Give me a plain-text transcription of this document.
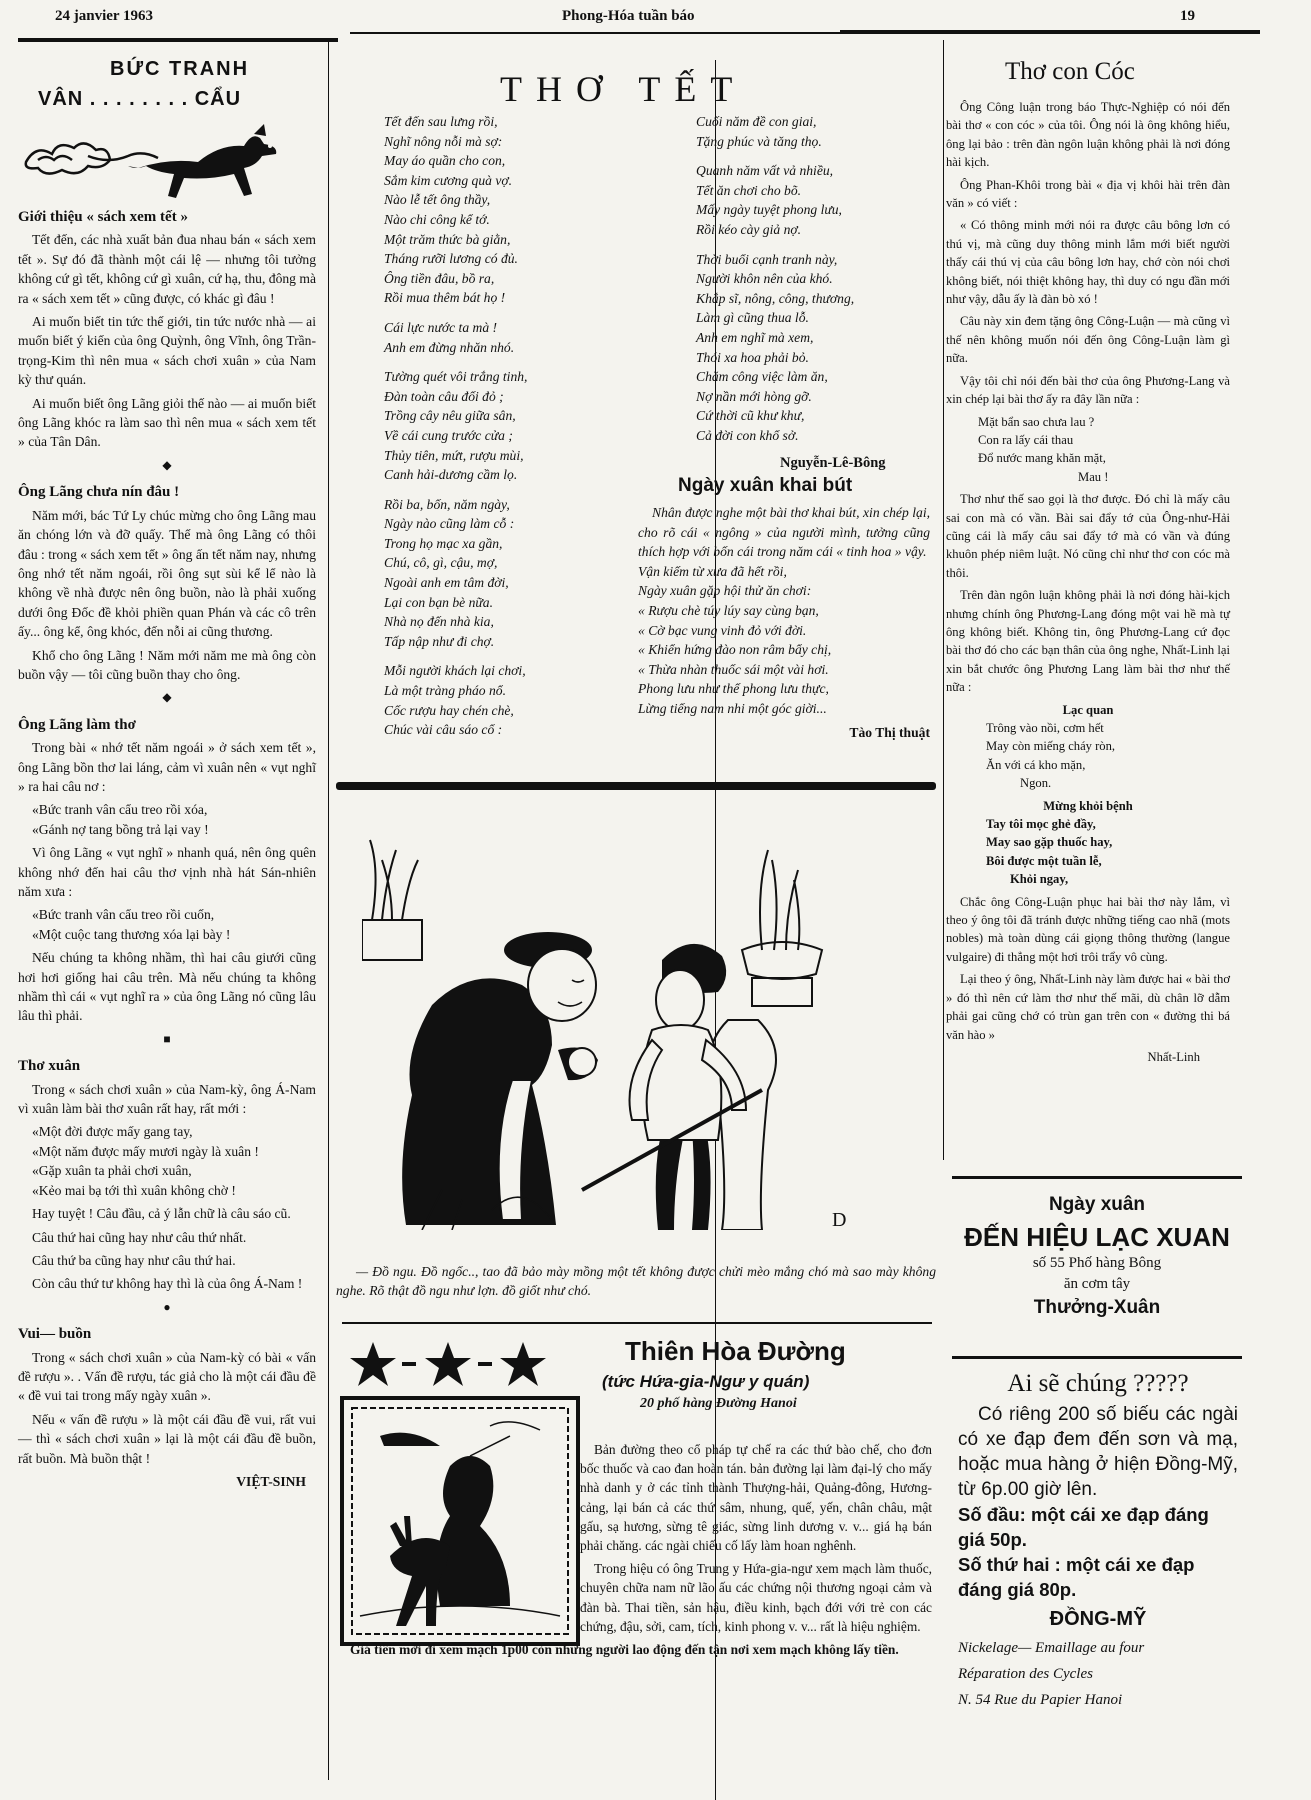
24 janvier 1963	Phong-Hóa tuần báo	19
BỨC TRANH
VÂN . . . . . . . . CẨU
Giới thiệu « sách xem tết »

Tết đến, các nhà xuất bản đua nhau bán « sách xem tết ». Sự đó đã thành một cái lệ — nhưng tôi tưởng không cứ gì tết, không cứ gì xuân, cứ hạ, thu, đông mà ra « sách xem tết » cũng được, có khác gì đâu !

Ai muốn biết tin tức thế giới, tin tức nước nhà — ai muốn biết ý kiến của ông Quỳnh, ông Vĩnh, ông Trần-trọng-Kim thì nên mua « sách chơi xuân » của Nam kỳ thư quán.

Ai muốn biết ông Lãng giỏi thế nào — ai muốn biết ông Lãng khóc ra làm sao thì nên mua « sách xem tết » của Tân Dân.

◆
Ông Lãng chưa nín đâu !

Năm mới, bác Tứ Ly chúc mừng cho ông Lãng mau ăn chóng lớn và đỡ quấy. Thế mà ông Lãng có thôi đâu : trong « sách xem tết » ông ấn tết năm nay, nhưng ông nhớ tết năm ngoái, rồi ông sụt sùi kể lể nào là không về nhà được nên ông buồn, nào là phải xuống dưới ông Đốc đề khỏi phiền quan Phán và các cô trên ấy... ông kể, ông khóc, đến nỗi ai cũng thương.

Khổ cho ông Lãng ! Năm mới năm me mà ông còn buồn vậy — tôi cũng buồn thay cho ông.

◆
Ông Lãng làm thơ

Trong bài « nhớ tết năm ngoái » ở sách xem tết », ông Lãng bồn thơ lai láng, cảm vì xuân nên « vụt nghĩ » ra hai câu nơ :

«Bức tranh vân cẩu treo rồi xóa,

«Gánh nợ tang bồng trả lại vay !

Vì ông Lãng « vụt nghĩ » nhanh quá, nên ông quên không nhớ đến hai câu thơ vịnh nhà hát Sán-nhiên năm xưa :

«Bức tranh vân cẩu treo rồi cuốn,

«Một cuộc tang thương xóa lại bày !

Nếu chúng ta không nhầm, thì hai câu giưới cũng hơi hơi giống hai câu trên. Mà nếu chúng ta không nhầm thì cái « vụt nghĩ ra » của ông Lãng nó cũng lâu lâu thì phải.

■
Thơ xuân

Trong « sách chơi xuân » của Nam-kỳ, ông Á-Nam vì xuân làm bài thơ xuân rất hay, rất mới :

«Một đời được mấy gang tay,

«Một năm được mấy mươi ngày là xuân !

«Gặp xuân ta phải chơi xuân,

«Kẻo mai bạ tới thì xuân không chờ !

Hay tuyệt ! Câu đầu, cả ý lẫn chữ là câu sáo cũ.

Câu thứ hai cũng hay như câu thứ nhất.

Câu thứ ba cũng hay như câu thứ hai.

Còn câu thứ tư không hay thì là của ông Á-Nam !

●
Vui— buồn

Trong « sách chơi xuân » của Nam-kỳ có bài « vấn đề rượu ». . Vấn đề rượu, tác giả cho là một cái đầu đề « đề vui tai trong mấy ngày xuân ».

Nếu « vấn đề rượu » là một cái đầu đề vui, rất vui — thì « sách chơi xuân » lại là một cái đầu đề buồn, rất buồn. Mà buồn thật !

VIỆT-SINH
THƠ TẾT
Tết đến sau lưng rồi,
Nghĩ nông nỗi mà sợ:
May áo quần cho con,
Sắm kim cương quà vợ.
Nào lễ tết ông thầy,
Nào chi công kể tớ.
Một trăm thức bà giằn,
Tháng rưỡi lương có đủ.
Ông tiền đâu, bồ ra,
Rồi mua thêm bát họ !
Cái lực nước ta mà !
Anh em đừng nhăn nhó.
Tường quét vôi trắng tinh,
Đàn toàn câu đối đỏ ;
Trồng cây nêu giữa sân,
Về cái cung trước cửa ;
Thủy tiên, mứt, rượu mùi,
Canh hải-dương cầm lọ.
Rồi ba, bốn, năm ngày,
Ngày nào cũng làm cỗ :
Trong họ mạc xa gần,
Chú, cô, gì, cậu, mợ,
Ngoài anh em tâm đời,
Lại con bạn bè nữa.
Nhà nọ đến nhà kia,
Tấp nập như đi chợ.
Mỗi người khách lại chơi,
Là một tràng pháo nổ.
Cốc rượu hay chén chè,
Chúc vài câu sáo cổ :
Cuối năm đề con giai,
Tặng phúc và tăng thọ.
Quanh năm vất vả nhiều,
Tết ăn chơi cho bõ.
Mấy ngày tuyệt phong lưu,
Rồi kéo cày giả nợ.
Thời buổi cạnh tranh này,
Người khôn nên của khó.
Khắp sĩ, nông, công, thương,
Làm gì cũng thua lỗ.
Anh em nghĩ mà xem,
Thói xa hoa phải bỏ.
Chăm công việc làm ăn,
Nợ nần mới hòng gỡ.
Cứ thời cũ khư khư,
Cả đời con khổ sở.
Nguyễn-Lê-Bông
Ngày xuân khai bút
Nhân được nghe một bài thơ khai bút, xin chép lại, cho rõ cái « ngông » của người mình, tưởng cũng thích hợp với bốn cái trong năm cái « tinh hoa » vậy.
Vận kiếm từ xưa đã hết rồi,
Ngày xuân gặp hội thử ăn chơi:
« Rượu chè túy lúy say cùng bạn,
« Cờ bạc vung vinh đỏ với đời.
« Khiển hứng đào non râm bẩy chị,
« Thừa nhàn thuốc sái một vài hơi.
Phong lưu như thế phong lưu thực,
Lừng tiếng nam nhi một góc giời...
Tào Thị thuật
D
— Đồ ngu. Đồ ngốc.., tao đã bảo mày mồng một tết không được chửi mèo mắng chó mà sao mày không nghe. Rõ thật đồ ngu như lợn. đồ giốt như chó.
Thiên Hòa Đường
(tức Hứa-gia-Ngư y quán)
20 phố hàng Đường Hanoi

Bản đường theo cổ pháp tự chế ra các thứ bào chế, cho đơn bốc thuốc và cao đan hoàn tán. bản đường lại làm đại-lý cho mấy nhà danh y ở các tỉnh thành Thượng-hải, Quảng-đông, Hương-cảng, lại bán cả các thứ sâm, nhung, quế, yến, chân châu, mật gấu, sạ hương, sừng tê giác, sừng linh dương v. v... giá hạ bán phải chăng. các ngài chiếu cố lấy làm hoan nghênh.

Trong hiệu có ông Trung y Hứa-gia-ngư xem mạch làm thuốc, chuyên chữa nam nữ lão ấu các chứng nội thương ngoại cảm và đàn bà. Thai tiền, sản hậu, điều kinh, bạch đới với trẻ con các chứng, đậu, sởi, cam, tích, kinh phong v. v... rất là hiệu nghiệm.

Giá tiền mời đi xem mạch 1p00 còn những người lao động đến tận nơi xem mạch không lấy tiền.

Thơ con Cóc

Ông Công luận trong báo Thực-Nghiệp có nói đến bài thơ « con cóc » của tôi. Ông nói là ông không hiểu, ông lại bảo : trên đàn ngôn luận không phải là nơi đóng hài kịch.

Ông Phan-Khôi trong bài « địa vị khôi hài trên đàn văn » có viết :

« Có thông minh mới nói ra được câu bông lơn có thú vị, mà cũng duy thông minh lắm mới biết người thấy cái thú vị của câu bông lơn hay, chớ còn nói chơi không biết, nói thiệt không hay, thì duy có ngu đần mới như vậy, dẫu ấy là đàn bò xó !

Câu này xin đem tặng ông Công-Luận — mà cũng vì thế nên không muốn nói đến ông Công-Luận làm gì nữa.

Vậy tôi chỉ nói đến bài thơ của ông Phương-Lang và xin chép lại bài thơ ấy ra đây lần nữa :

Mặt bẩn sao chưa lau ?
Con ra lấy cái thau
Đổ nước mang khăn mặt,
Mau !

Thơ như thế sao gọi là thơ được. Đó chỉ là mấy câu sai con mà có vần. Bài sai đẩy tớ của Ông-như-Hải cũng cái là mấy câu sai đẩy tớ mà có vần và đúng khuôn phép niêm luật. Nó cũng chỉ như thơ con cóc mà thôi.

Trên đàn ngôn luận không phải là nơi đóng hài-kịch nhưng chính ông Phương-Lang đóng một vai hề mà tự ông không biết. Không tin, ông Phương-Lang cứ đọc bài thơ đó cho các bạn thân của ông nghe, Nhất-Linh lại xin bắt chước ông Phương Lang làm bài thơ như thế nữa :

Lạc quan
Trông vào nồi, cơm hết
May còn miếng cháy ròn,
Ăn với cá kho mặn,
Ngon.
Mừng khỏi bệnh
Tay tôi mọc ghẻ đầy,
May sao gặp thuốc hay,
Bôi được một tuần lễ,
Khỏi ngay,

Chắc ông Công-Luận phục hai bài thơ này lắm, vì theo ý ông tôi đã tránh được những tiếng cao nhã (mots nobles) mà toàn dùng cái giọng thông thường (langue vulgaire) đi thẳng một hơi trôi trẩy vô cùng.

Lại theo ý ông, Nhất-Linh này làm được hai « bài thơ » đó thì nên cứ làm thơ như thế mãi, dù chân lỡ dẫm phải gai cũng chớ có trùn gan trên con « đường thi bá văn hào »

Nhất-Linh
Ngày xuân
ĐẾN HIỆU LẠC XUAN
số 55 Phố hàng Bông
ăn cơm tây
Thưởng-Xuân
Ai sẽ chúng ?????
Có riêng 200 số biếu các ngài có xe đạp đem đến sơn và mạ, hoặc mua hàng ở hiện Đồng-Mỹ, từ 6p.00 giờ lên.
Số đầu: một cái xe đạp đáng giá 50p.
Số thứ hai : một cái xe đạp đáng giá 80p.
ĐỒNG-MỸ
Nickelage— Emaillage au four
Réparation des Cycles
N. 54 Rue du Papier Hanoi
